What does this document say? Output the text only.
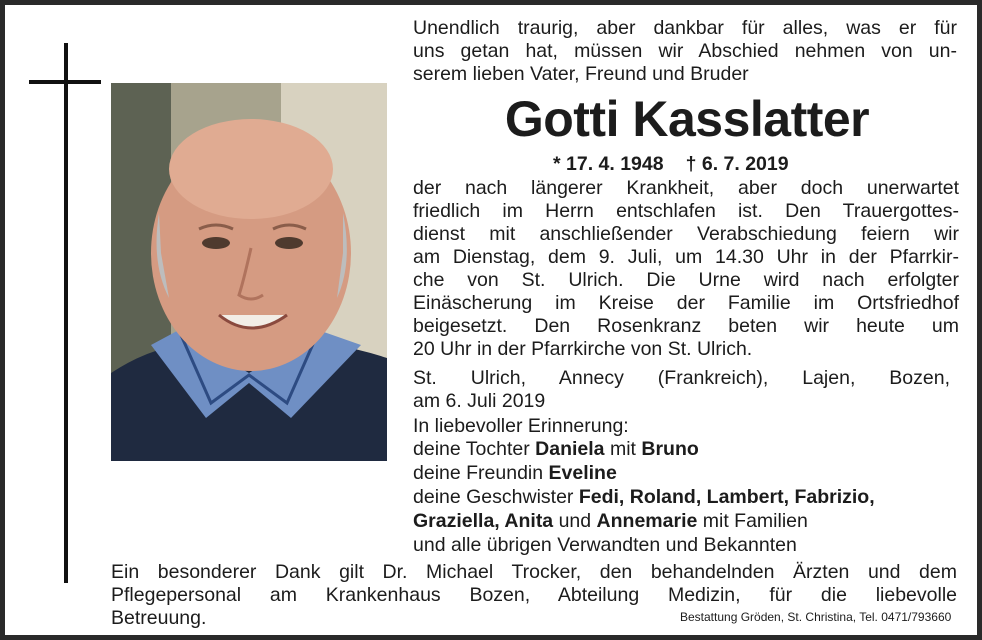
Unendlich traurig, aber dankbar für alles, was er für
uns getan hat, müssen wir Abschied nehmen von un-
serem lieben Vater, Freund und Bruder
Gotti Kasslatter
* 17. 4. 1948 † 6. 7. 2019
der nach längerer Krankheit, aber doch unerwartet
friedlich im Herrn entschlafen ist. Den Trauergottes-
dienst mit anschließender Verabschiedung feiern wir
am Dienstag, dem 9. Juli, um 14.30 Uhr in der Pfarrkir-
che von St. Ulrich. Die Urne wird nach erfolgter
Einäscherung im Kreise der Familie im Ortsfriedhof
beigesetzt. Den Rosenkranz beten wir heute um
20 Uhr in der Pfarrkirche von St. Ulrich.
St. Ulrich, Annecy (Frankreich), Lajen, Bozen,
am 6. Juli 2019
In liebevoller Erinnerung:
deine Tochter Daniela mit Bruno
deine Freundin Eveline
deine Geschwister Fedi, Roland, Lambert, Fabrizio,
Graziella, Anita und Annemarie mit Familien
und alle übrigen Verwandten und Bekannten
Ein besonderer Dank gilt Dr. Michael Trocker, den behandelnden Ärzten und dem
Pflegepersonal am Krankenhaus Bozen, Abteilung Medizin, für die liebevolle
Betreuung.	Bestattung Gröden, St. Christina, Tel. 0471/793660
